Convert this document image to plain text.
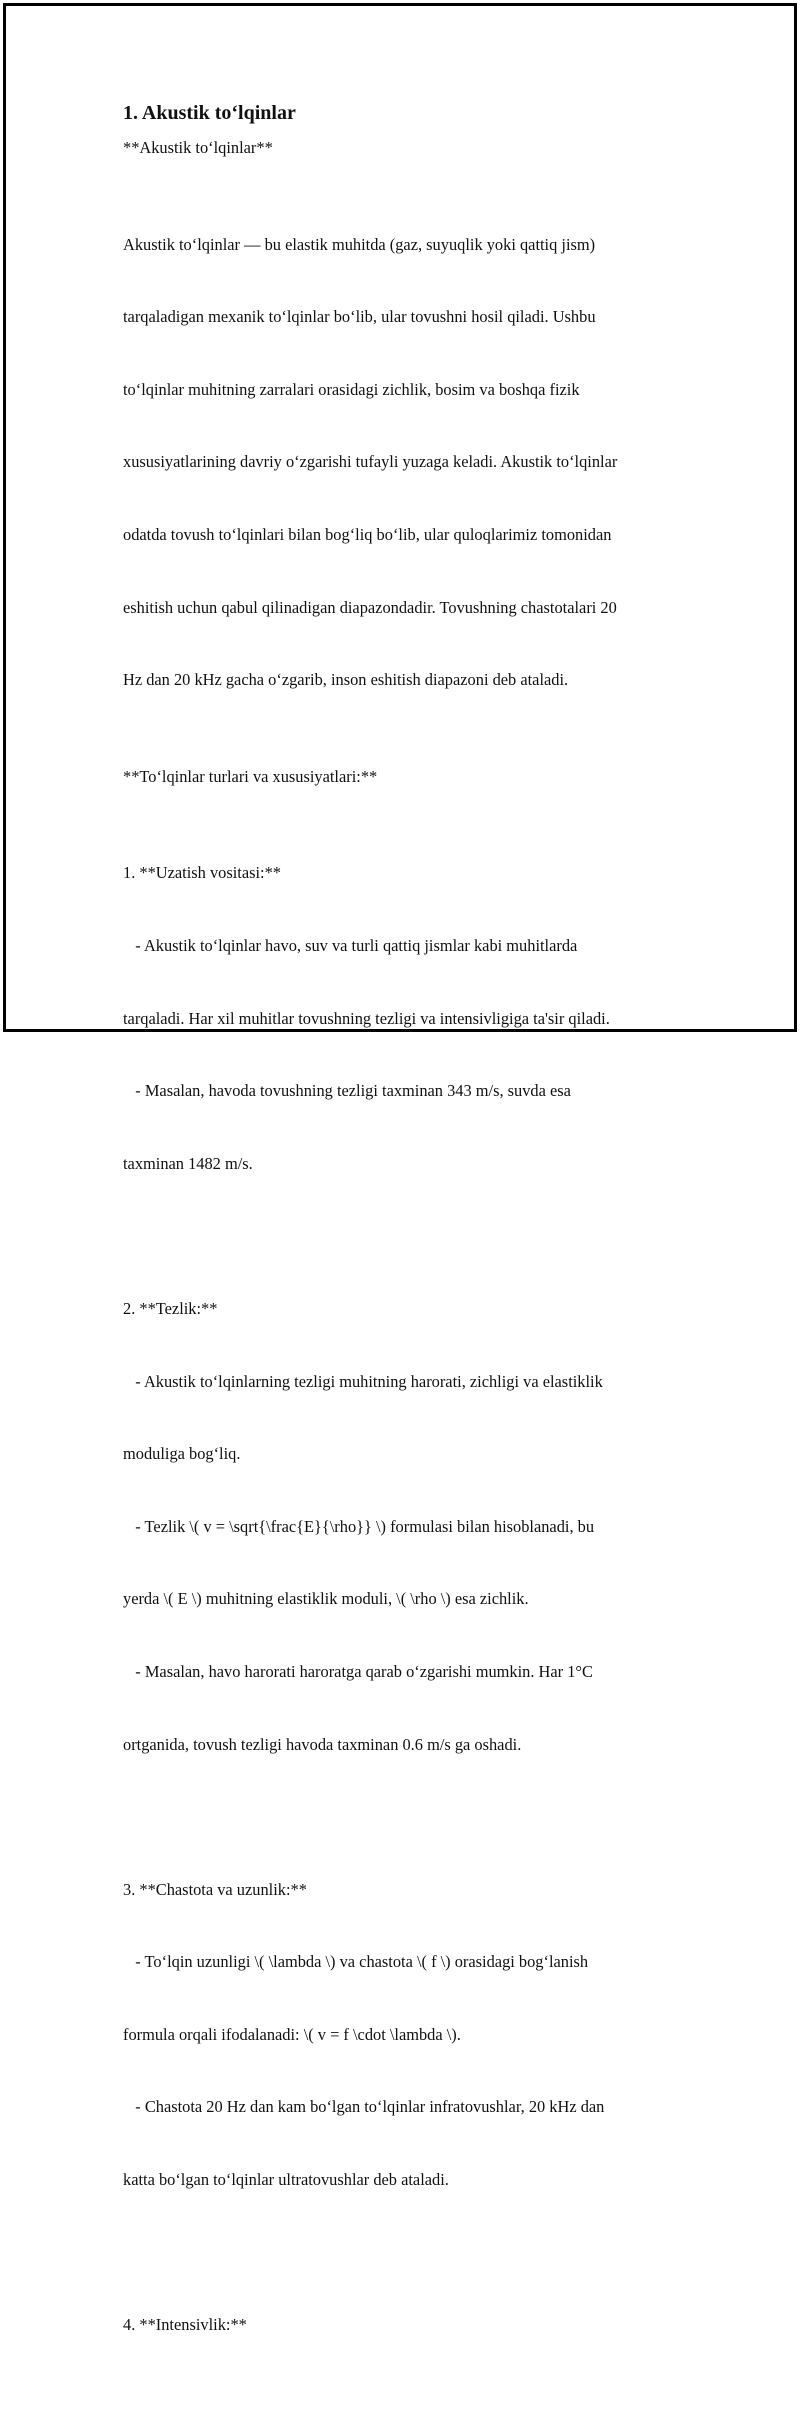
1. Akustik to‘lqinlar
**Akustik to‘lqinlar**

Akustik to‘lqinlar — bu elastik muhitda (gaz, suyuqlik yoki qattiq jism)

tarqaladigan mexanik to‘lqinlar bo‘lib, ular tovushni hosil qiladi. Ushbu

to‘lqinlar muhitning zarralari orasidagi zichlik, bosim va boshqa fizik

xususiyatlarining davriy o‘zgarishi tufayli yuzaga keladi. Akustik to‘lqinlar

odatda tovush to‘lqinlari bilan bog‘liq bo‘lib, ular quloqlarimiz tomonidan

eshitish uchun qabul qilinadigan diapazondadir. Tovushning chastotalari 20

Hz dan 20 kHz gacha o‘zgarib, inson eshitish diapazoni deb ataladi.

**To‘lqinlar turlari va xususiyatlari:**

1. **Uzatish vositasi:**

- Akustik to‘lqinlar havo, suv va turli qattiq jismlar kabi muhitlarda

tarqaladi. Har xil muhitlar tovushning tezligi va intensivligiga ta'sir qiladi.

- Masalan, havoda tovushning tezligi taxminan 343 m/s, suvda esa

taxminan 1482 m/s.

2. **Tezlik:**

- Akustik to‘lqinlarning tezligi muhitning harorati, zichligi va elastiklik

moduliga bog‘liq.

- Tezlik \( v = \sqrt{\frac{E}{\rho}} \) formulasi bilan hisoblanadi, bu

yerda \( E \) muhitning elastiklik moduli, \( \rho \) esa zichlik.

- Masalan, havo harorati haroratga qarab o‘zgarishi mumkin. Har 1°C

ortganida, tovush tezligi havoda taxminan 0.6 m/s ga oshadi.

3. **Chastota va uzunlik:**

- To‘lqin uzunligi \( \lambda \) va chastota \( f \) orasidagi bog‘lanish

formula orqali ifodalanadi: \( v = f \cdot \lambda \).

- Chastota 20 Hz dan kam bo‘lgan to‘lqinlar infratovushlar, 20 kHz dan

katta bo‘lgan to‘lqinlar ultratovushlar deb ataladi.

4. **Intensivlik:**
